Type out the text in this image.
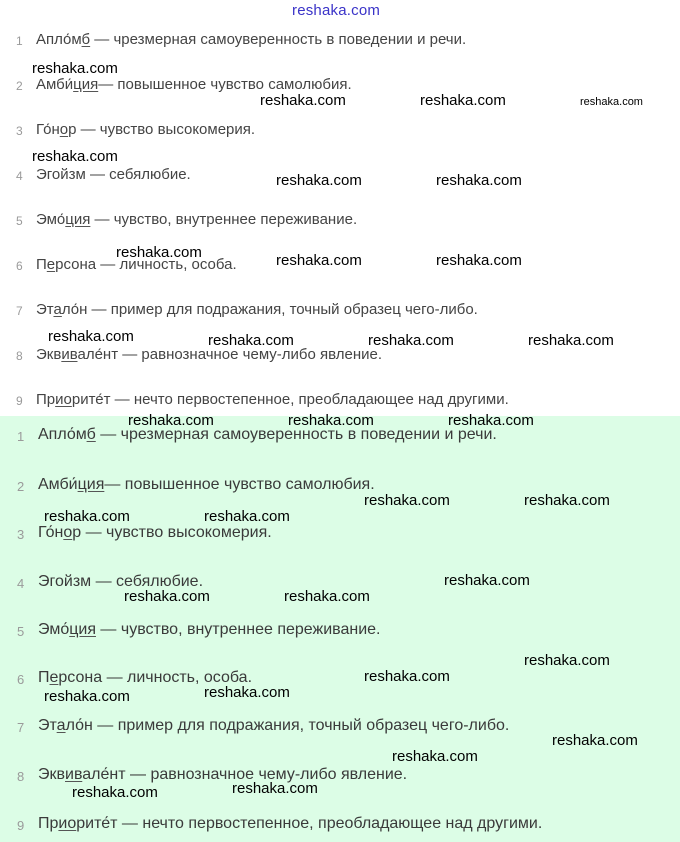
reshaka.com
1 Апло́мб — чрезмерная самоуверенность в поведении и речи.
2 Амби́ция— повышенное чувство самолюбия.
3 Го́нор — чувство высокомерия.
4 Эгойзм — себялюбие.
5 Эмо́ция — чувство, внутреннее переживание.
6 Персона — личность, особа.
7 Этало́н — пример для подражания, точный образец чего-либо.
8 Эквивале́нт — равнозначное чему-либо явление.
9 Приорите́т — нечто первостепенное, преобладающее над другими.
1 Апло́мб — чрезмерная самоуверенность в поведении и речи.
2 Амби́ция— повышенное чувство самолюбия.
3 Го́нор — чувство высокомерия.
4 Эгойзм — себялюбие.
5 Эмо́ция — чувство, внутреннее переживание.
6 Персона — личность, особа.
7 Этало́н — пример для подражания, точный образец чего-либо.
8 Эквивале́нт — равнозначное чему-либо явление.
9 Приорите́т — нечто первостепенное, преобладающее над другими.
reshaka.com
reshaka.com	reshaka.com	reshaka.com
reshaka.com
reshaka.com	reshaka.com
reshaka.com	reshaka.com	reshaka.com
reshaka.com	reshaka.com	reshaka.com	reshaka.com
reshaka.com	reshaka.com	reshaka.com
reshaka.com	reshaka.com
reshaka.com	reshaka.com
reshaka.com
reshaka.com	reshaka.com
reshaka.com
reshaka.com
reshaka.com
reshaka.com
reshaka.com
reshaka.com
reshaka.com
reshaka.com
